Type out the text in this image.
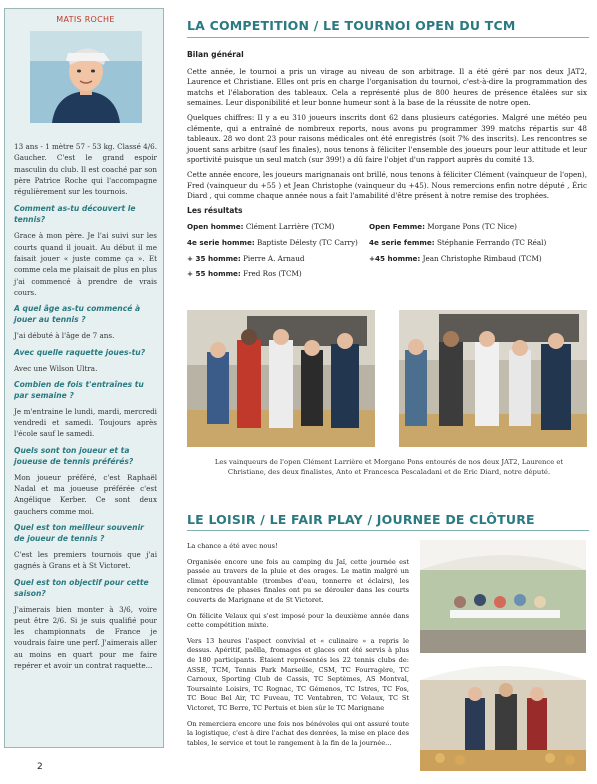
MATIS ROCHE
13 ans - 1 mètre 57 - 53 kg. Classé 4/6. Gaucher. C'est le grand espoir masculin du club. Il est coaché par son père Patrice Roche qui l'accompagne régulièrement sur les tournois.
Comment as-tu découvert le tennis?
Grace à mon père. Je l'ai suivi sur les courts quand il jouait. Au début il me faisait jouer « juste comme ça ». Et comme cela me plaisait de plus en plus j'ai commencé à prendre de vrais cours.
A quel âge as-tu commencé à jouer au tennis ?
J'ai débuté à l'âge de 7 ans.
Avec quelle raquette joues-tu?
Avec une Wilson Ultra.
Combien de fois t'entraînes tu par semaine ?
Je m'entraine le lundi, mardi, mercredi vendredi et samedi. Toujours après l'école sauf le samedi.
Quels sont ton joueur et ta joueuse de tennis préférés?
Mon joueur préféré, c'est Raphaël Nadal et ma joueuse préférée c'est Angélique Kerber. Ce sont deux gauchers comme moi.
Quel est ton meilleur souvenir de joueur de tennis ?
C'est les premiers tournois que j'ai gagnés à Grans et à St Victoret.
Quel est ton objectif pour cette saison?
J'aimerais bien monter à 3/6, voire peut être 2/6. Si je suis qualifié pour les championnats de France je voudrais faire une perf. J'aimerais aller au moins en quart pour me faire repérer et avoir un contrat raquette...
2
LA COMPETITION / LE TOURNOI OPEN DU TCM
Bilan général

Cette année, le tournoi a pris un virage au niveau de son arbitrage. Il a été géré par nos deux JAT2, Laurence et Christiane. Elles ont pris en charge l'organisation du tournoi, c'est-à-dire la programmation des matchs et l'élaboration des tableaux. Cela a représenté plus de 800 heures de présence étalées sur six semaines. Leur disponibilité et leur bonne humeur sont à la base de la réussite de notre open.

Quelques chiffres: Il y a eu 310 joueurs inscrits dont 62 dans plusieurs catégories. Malgré une météo peu clémente, qui a entraîné de nombreux reports, nous avons pu programmer 399 matchs répartis sur 48 tableaux. 28 wo dont 23 pour raisons médicales ont été enregistrés (soit 7% des inscrits). Les rencontres se jouent sans arbitre (sauf les finales), nous tenons à féliciter l'ensemble des joueurs pour leur attitude et leur sportivité puisque un seul match (sur 399!) a dû faire l'objet d'un rapport auprès du comité 13.

Cette année encore, les joueurs marignanais ont brillé, nous tenons à féliciter Clément (vainqueur de l'open), Fred (vainqueur du +55 ) et Jean Christophe (vainqueur du +45). Nous remercions enfin notre député , Éric Diard , qui comme chaque année nous a fait l'amabilité d'être présent à notre remise des trophées.

Les résultats
Open homme: Clément Larrière (TCM)	Open Femme: Morgane Pons (TC Nice)
4e serie homme: Baptiste Délesty (TC Carry)	4e serie femme: Stéphanie Ferrando (TC Réal)
+ 35 homme: Pierre A. Arnaud	+45 homme: Jean Christophe Rimbaud (TCM)
+ 55 homme: Fred Ros (TCM)
Les vainqueurs de l'open Clément Larrière et Morgane Pons entourés de nos deux JAT2, Laurence et Christiane, des deux finalistes, Anto et Francesca Pescaladani et de Eric Diard, notre député.
LE LOISIR / LE FAIR PLAY / JOURNEE DE CLÔTURE

La chance a été avec nous!

Organisée encore une fois au camping du Jaï, cette journée est passée au travers de la pluie et des orages. Le matin malgré un climat épouvantable (trombes d'eau, tonnerre et éclairs), les rencontres de phases finales ont pu se dérouler dans les courts couverts de Marignane et de St Victoret.

On félicite Velaux qui s'est imposé pour la deuxième année dans cette compétition mixte.

Vers 13 heures l'aspect convivial et « culinaire » a repris le dessus. Apéritif, paëlla, fromages et glaces ont été servis à plus de 180 participants. Étaient représentés les 22 tennis clubs de: ASSE, TCM, Tennis Park Marseille, CSM, TC Fourragère, TC Carnoux, Sporting Club de Cassis, TC Septèmes, AS Montval, Toursainte Loisirs, TC Rognac, TC Gémenos, TC Istres, TC Fos, TC Bouc Bel Air, TC Fuveau, TC Ventabren, TC Velaux, TC St Victoret, TC Berre, TC Pertuis et bien sûr le TC Marignane

On remerciera encore une fois nos bénévoles qui ont assuré toute la logistique, c'est à dire l'achat des denrées, la mise en place des tables, le service et tout le rangement à la fin de la journée...
